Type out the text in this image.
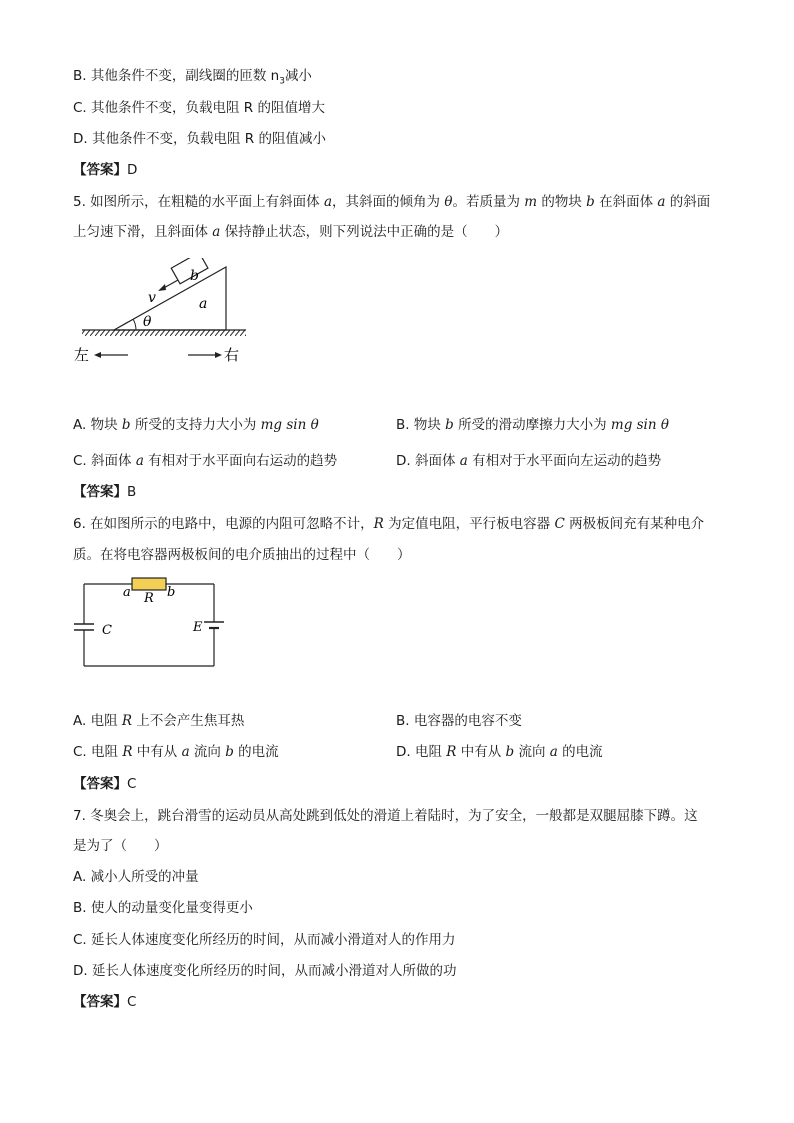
B. 其他条件不变，副线圈的匝数 $n_3$减小
C. 其他条件不变，负载电阻 R 的阻值增大
D. 其他条件不变，负载电阻 R 的阻值减小
【答案】D
5. 如图所示，在粗糙的水平面上有斜面体 a，其斜面的倾角为 θ。若质量为 m 的物块 b 在斜面体 a 的斜面
上匀速下滑，且斜面体 a 保持静止状态，则下列说法中正确的是（　　）
b
a
v
θ
左	右
A. 物块 b 所受的支持力大小为 mg sin θ	B. 物块 b 所受的滑动摩擦力大小为 mg sin θ
C. 斜面体 a 有相对于水平面向右运动的趋势	D. 斜面体 a 有相对于水平面向左运动的趋势
【答案】B
6. 在如图所示的电路中，电源的内阻可忽略不计，R 为定值电阻，平行板电容器 C 两极板间充有某种电介
质。在将电容器两极板间的电介质抽出的过程中（　　）
a R b
C	E
A. 电阻 R 上不会产生焦耳热	B. 电容器的电容不变
C. 电阻 R 中有从 a 流向 b 的电流	D. 电阻 R 中有从 b 流向 a 的电流
【答案】C
7. 冬奥会上，跳台滑雪的运动员从高处跳到低处的滑道上着陆时，为了安全，一般都是双腿屈膝下蹲。这
是为了（　　）
A. 减小人所受的冲量
B. 使人的动量变化量变得更小
C. 延长人体速度变化所经历的时间，从而减小滑道对人的作用力
D. 延长人体速度变化所经历的时间，从而减小滑道对人所做的功
【答案】C
